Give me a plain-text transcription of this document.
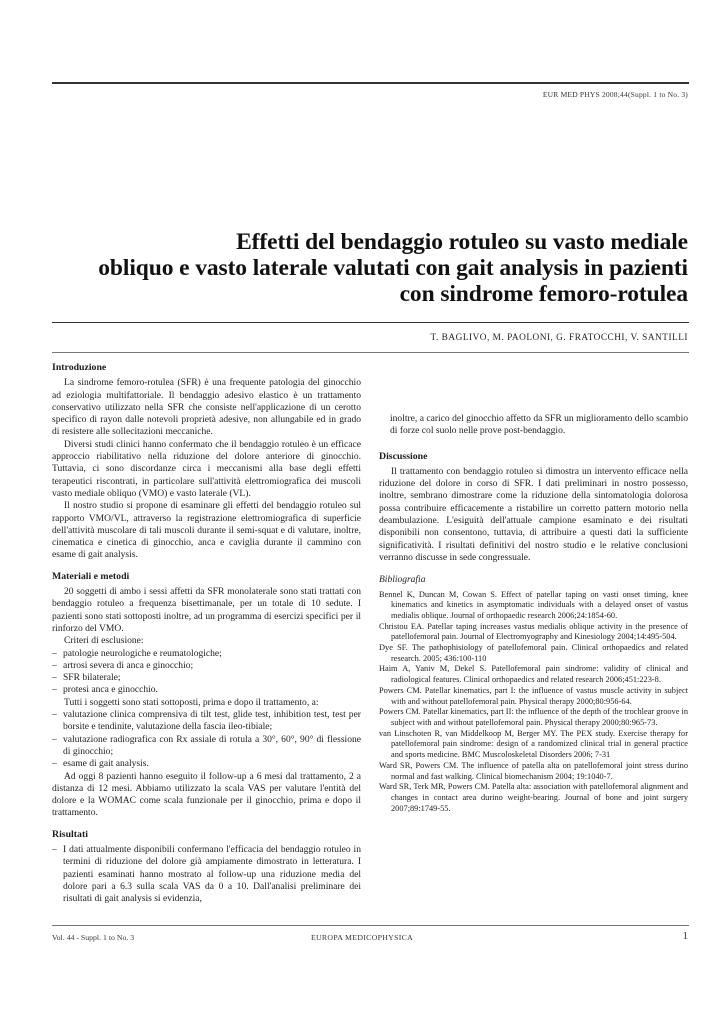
EUR MED PHYS 2008;44(Suppl. 1 to No. 3)
Effetti del bendaggio rotuleo su vasto mediale
obliquo e vasto laterale valutati con gait analysis in pazienti
con sindrome femoro-rotulea
T. BAGLIVO, M. PAOLONI, G. FRATOCCHI, V. SANTILLI
Introduzione

La sindrome femoro-rotulea (SFR) è una frequente patologia del ginocchio ad eziologia multifattoriale. Il bendaggio adesivo elastico è un trattamento conservativo utilizzato nella SFR che consiste nell'applicazione di un cerotto specifico di rayon dalle notevoli proprietà adesive, non allungabile ed in grado di resistere alle sollecitazioni meccaniche.

Diversi studi clinici hanno confermato che il bendaggio rotuleo è un efficace approccio riabilitativo nella riduzione del dolore anteriore di ginocchio. Tuttavia, ci sono discordanze circa i meccanismi alla base degli effetti terapeutici riscontrati, in particolare sull'attività elettromiografica dei muscoli vasto mediale obliquo (VMO) e vasto laterale (VL).

Il nostro studio si propone di esaminare gli effetti del bendaggio rotuleo sul rapporto VMO/VL, attraverso la registrazione elettromiografica di superficie dell'attività muscolare di tali muscoli durante il semi-squat e di valutare, inoltre, cinematica e cinetica di ginocchio, anca e caviglia durante il cammino con esame di gait analysis.

Materiali e metodi

20 soggetti di ambo i sessi affetti da SFR monolaterale sono stati trattati con bendaggio rotuleo a frequenza bisettimanale, per un totale di 10 sedute. I pazienti sono stati sottoposti inoltre, ad un programma di esercizi specifici per il rinforzo del VMO.

Criteri di esclusione:

– patologie neurologiche e reumatologiche;
– artrosi severa di anca e ginocchio;
– SFR bilaterale;
– protesi anca e ginocchio.

Tutti i soggetti sono stati sottoposti, prima e dopo il trattamento, a:

– valutazione clinica comprensiva di tilt test, glide test, inhibition test, test per borsite e tendinite, valutazione della fascia ileo-tibiale;
– valutazione radiografica con Rx assiale di rotula a 30°, 60°, 90° di flessione di ginocchio;
– esame di gait analysis.

Ad oggi 8 pazienti hanno eseguito il follow-up a 6 mesi dal trattamento, 2 a distanza di 12 mesi. Abbiamo utilizzato la scala VAS per valutare l'entità del dolore e la WOMAC come scala funzionale per il ginocchio, prima e dopo il trattamento.

Risultati
– I dati attualmente disponibili confermano l'efficacia del bendaggio rotuleo in termini di riduzione del dolore già ampiamente dimostrato in letteratura. I pazienti esaminati hanno mostrato al follow-up una riduzione media del dolore pari a 6.3 sulla scala VAS da 0 a 10. Dall'analisi preliminare dei risultati di gait analysis si evidenzia,

inoltre, a carico del ginocchio affetto da SFR un miglioramento dello scambio di forze col suolo nelle prove post-bendaggio.

Discussione

Il trattamento con bendaggio rotuleo si dimostra un intervento efficace nella riduzione del dolore in corso di SFR. I dati preliminari in nostro possesso, inoltre, sembrano dimostrare come la riduzione della sintomatologia dolorosa possa contribuire efficacemente a ristabilire un corretto pattern motorio nella deambulazione. L'esiguità dell'attuale campione esaminato e dei risultati disponibili non consentono, tuttavia, di attribuire a questi dati la sufficiente significatività. I risultati definitivi del nostro studio e le relative conclusioni verranno discusse in sede congressuale.

Bibliografia
Bennel K, Duncan M, Cowan S. Effect of patellar taping on vasti onset timing, knee kinematics and kinetics in asymptomatic individuals with a delayed onset of vastus medialis oblique. Journal of orthopaedic research 2006;24:1854-60.
Christou EA. Patellar taping increases vastus medialis oblique activity in the presence of patellofemoral pain. Journal of Electromyography and Kinesiology 2004;14:495-504.
Dye SF. The pathophisiology of patellofemoral pain. Clinical orthopaedics and related research. 2005; 436:100-110
Haim A, Yaniv M, Dekel S. Patellofemoral pain sindrome: validity of clinical and radiological features. Clinical orthopaedics and related research 2006;451:223-8.
Powers CM. Patellar kinematics, part I: the influence of vastus muscle activity in subject with and without patellofemoral pain. Physical therapy 2000;80:956-64.
Powers CM. Patellar kinematics, part II: the influence of the depth of the trochlear groove in subject with and without patellofemoral pain. Physical therapy 2000;80:965-73.
van Linschoten R, van Middelkoop M, Berger MY. The PEX study. Exercise therapy for patellofemoral pain sindrome: design of a randomized clinical trial in general practice and sports medicine. BMC Muscoloskeletal Disorders 2006; 7-31
Ward SR, Powers CM. The influence of patella alta on patellofemoral joint stress durino normal and fast walking. Clinical biomechanism 2004; 19:1040-7.
Ward SR, Terk MR, Powers CM. Patella alta: association with patellofemoral alignment and changes in contact area durino weight-bearing. Journal of bone and joint surgery 2007;89:1749-55.
Vol. 44 - Suppl. 1 to No. 3	EUROPA MEDICOPHYSICA	1
